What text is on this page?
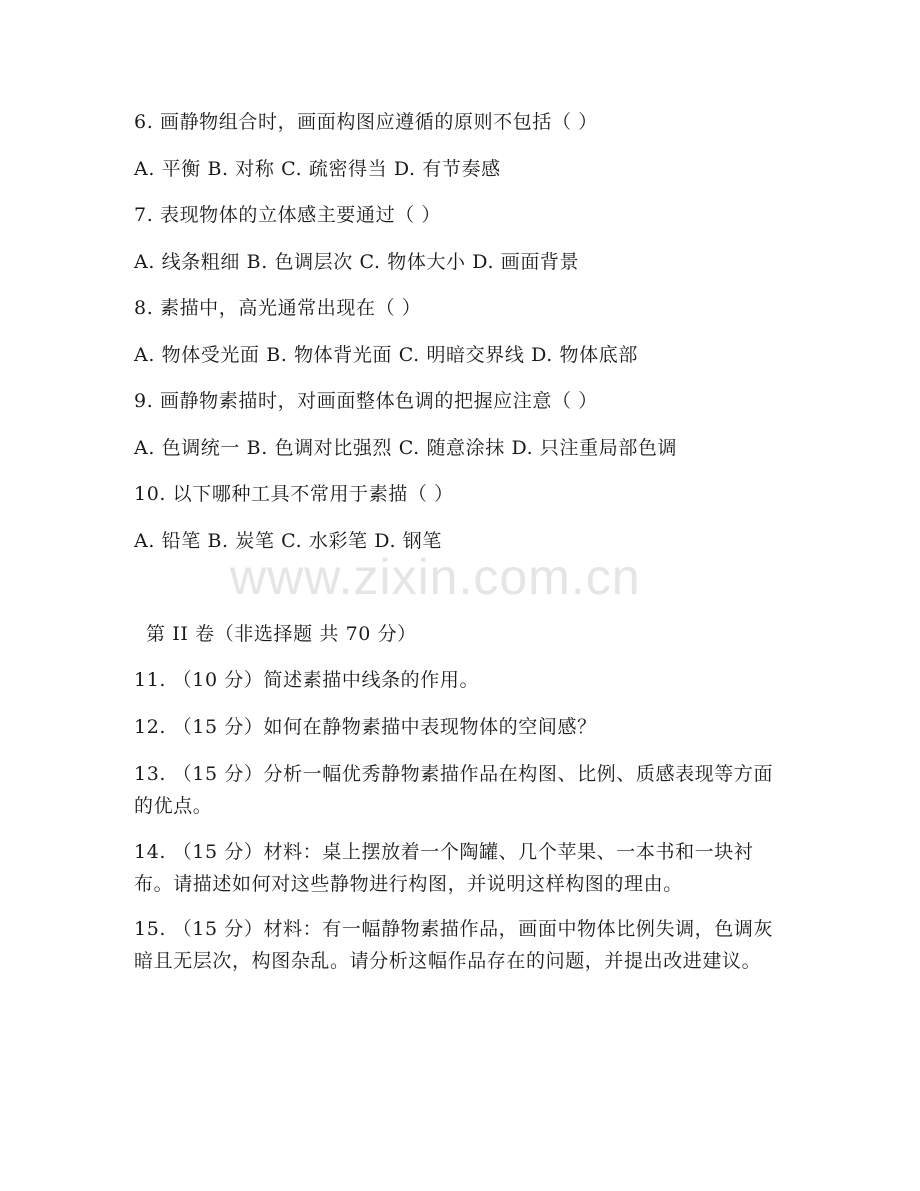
6. 画静物组合时，画面构图应遵循的原则不包括（ ）
A. 平衡 B. 对称 C. 疏密得当 D. 有节奏感
7. 表现物体的立体感主要通过（ ）
A. 线条粗细 B. 色调层次 C. 物体大小 D. 画面背景
8. 素描中，高光通常出现在（ ）
A. 物体受光面 B. 物体背光面 C. 明暗交界线 D. 物体底部
9. 画静物素描时，对画面整体色调的把握应注意（ ）
A. 色调统一 B. 色调对比强烈 C. 随意涂抹 D. 只注重局部色调
10. 以下哪种工具不常用于素描（ ）
A. 铅笔 B. 炭笔 C. 水彩笔 D. 钢笔
www.zixin.com.cn
第 II 卷（非选择题 共 70 分）
11. （10 分）简述素描中线条的作用。
12. （15 分）如何在静物素描中表现物体的空间感？
13. （15 分）分析一幅优秀静物素描作品在构图、比例、质感表现等方面的优点。
14. （15 分）材料：桌上摆放着一个陶罐、几个苹果、一本书和一块衬布。请描述如何对这些静物进行构图，并说明这样构图的理由。
15. （15 分）材料：有一幅静物素描作品，画面中物体比例失调，色调灰暗且无层次，构图杂乱。请分析这幅作品存在的问题，并提出改进建议。
